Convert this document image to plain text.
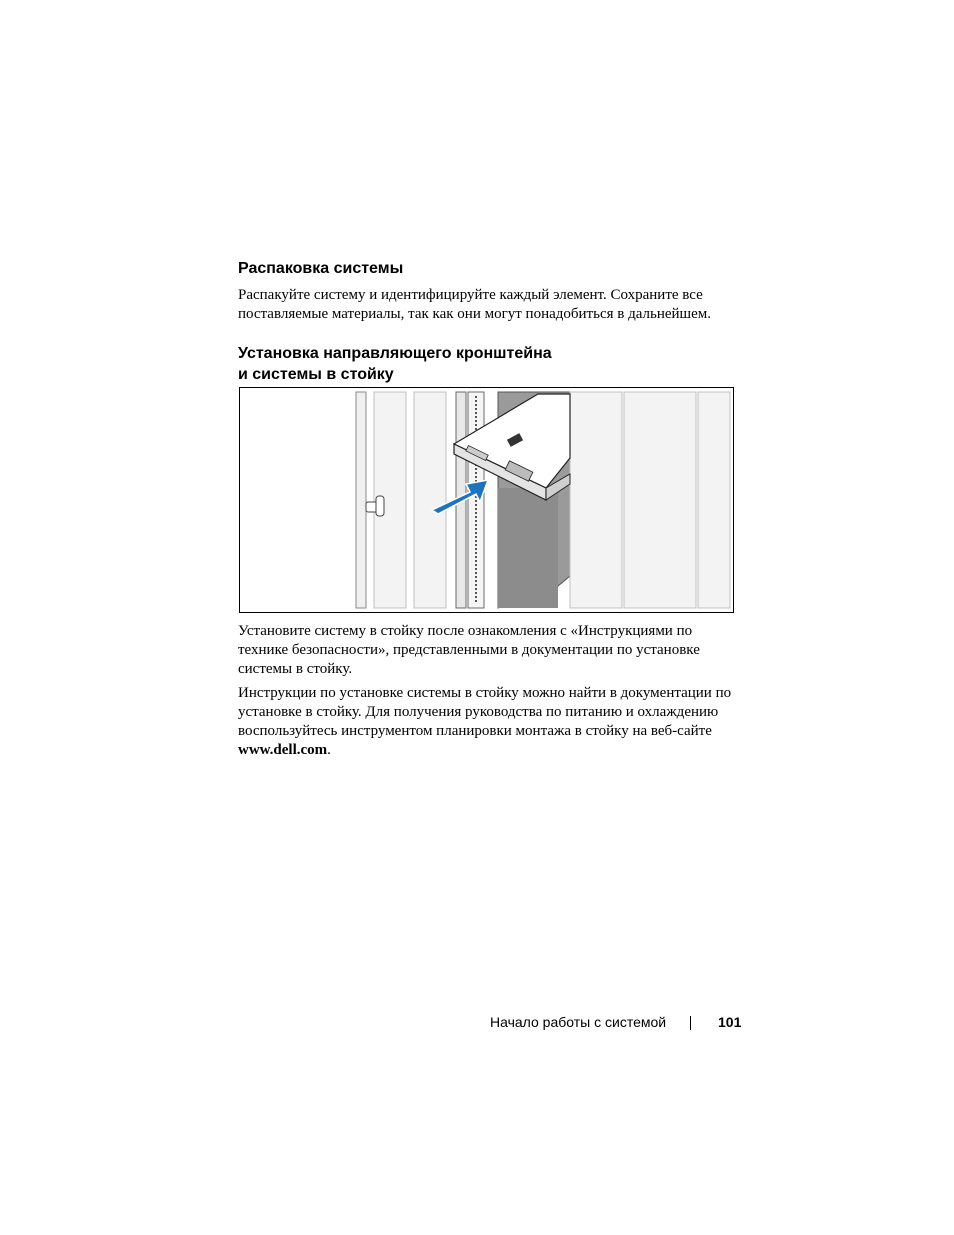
Распаковка системы

Распакуйте систему и идентифицируйте каждый элемент. Сохраните все
поставляемые материалы, так как они могут понадобиться в дальнейшем.

Установка направляющего кронштейна
и системы в стойку

Установите систему в стойку после ознакомления с «Инструкциями по
технике безопасности», представленными в документации по установке
системы в стойку.

Инструкции по установке системы в стойку можно найти в документации по
установке в стойку. Для получения руководства по питанию и охлаждению
воспользуйтесь инструментом планировки монтажа в стойку на веб-сайте
www.dell.com.

Начало работы с системой	101
